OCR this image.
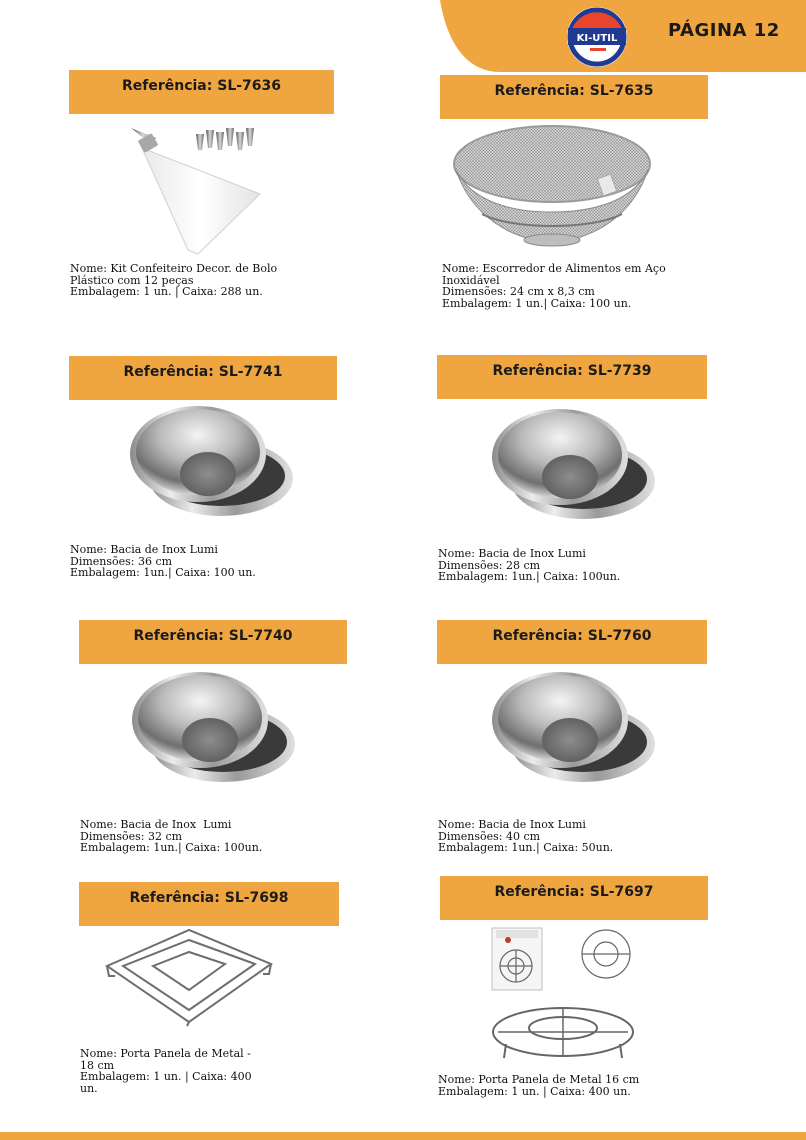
KI-UTIL	PÁGINA 12
Referência: SL-7636
Nome: Kit Confeiteiro Decor. de Bolo
Plástico com 12 peças
Embalagem: 1 un. | Caixa: 288 un.
Referência: SL-7635
Nome: Escorredor de Alimentos em Aço
Inoxidável
Dimensões: 24 cm x 8,3 cm
Embalagem: 1 un.| Caixa: 100 un.
Referência: SL-7741
Nome: Bacia de Inox Lumi
Dimensões: 36 cm
Embalagem: 1un.| Caixa: 100 un.
Referência: SL-7739
Nome: Bacia de Inox Lumi
Dimensões: 28 cm
Embalagem: 1un.| Caixa: 100un.
Referência: SL-7740
Nome: Bacia de Inox  Lumi
Dimensões: 32 cm
Embalagem: 1un.| Caixa: 100un.
Referência: SL-7760
Nome: Bacia de Inox Lumi
Dimensões: 40 cm
Embalagem: 1un.| Caixa: 50un.
Referência: SL-7698
Nome: Porta Panela de Metal -
18 cm
Embalagem: 1 un. | Caixa: 400
un.
Referência: SL-7697
Nome: Porta Panela de Metal 16 cm
Embalagem: 1 un. | Caixa: 400 un.
